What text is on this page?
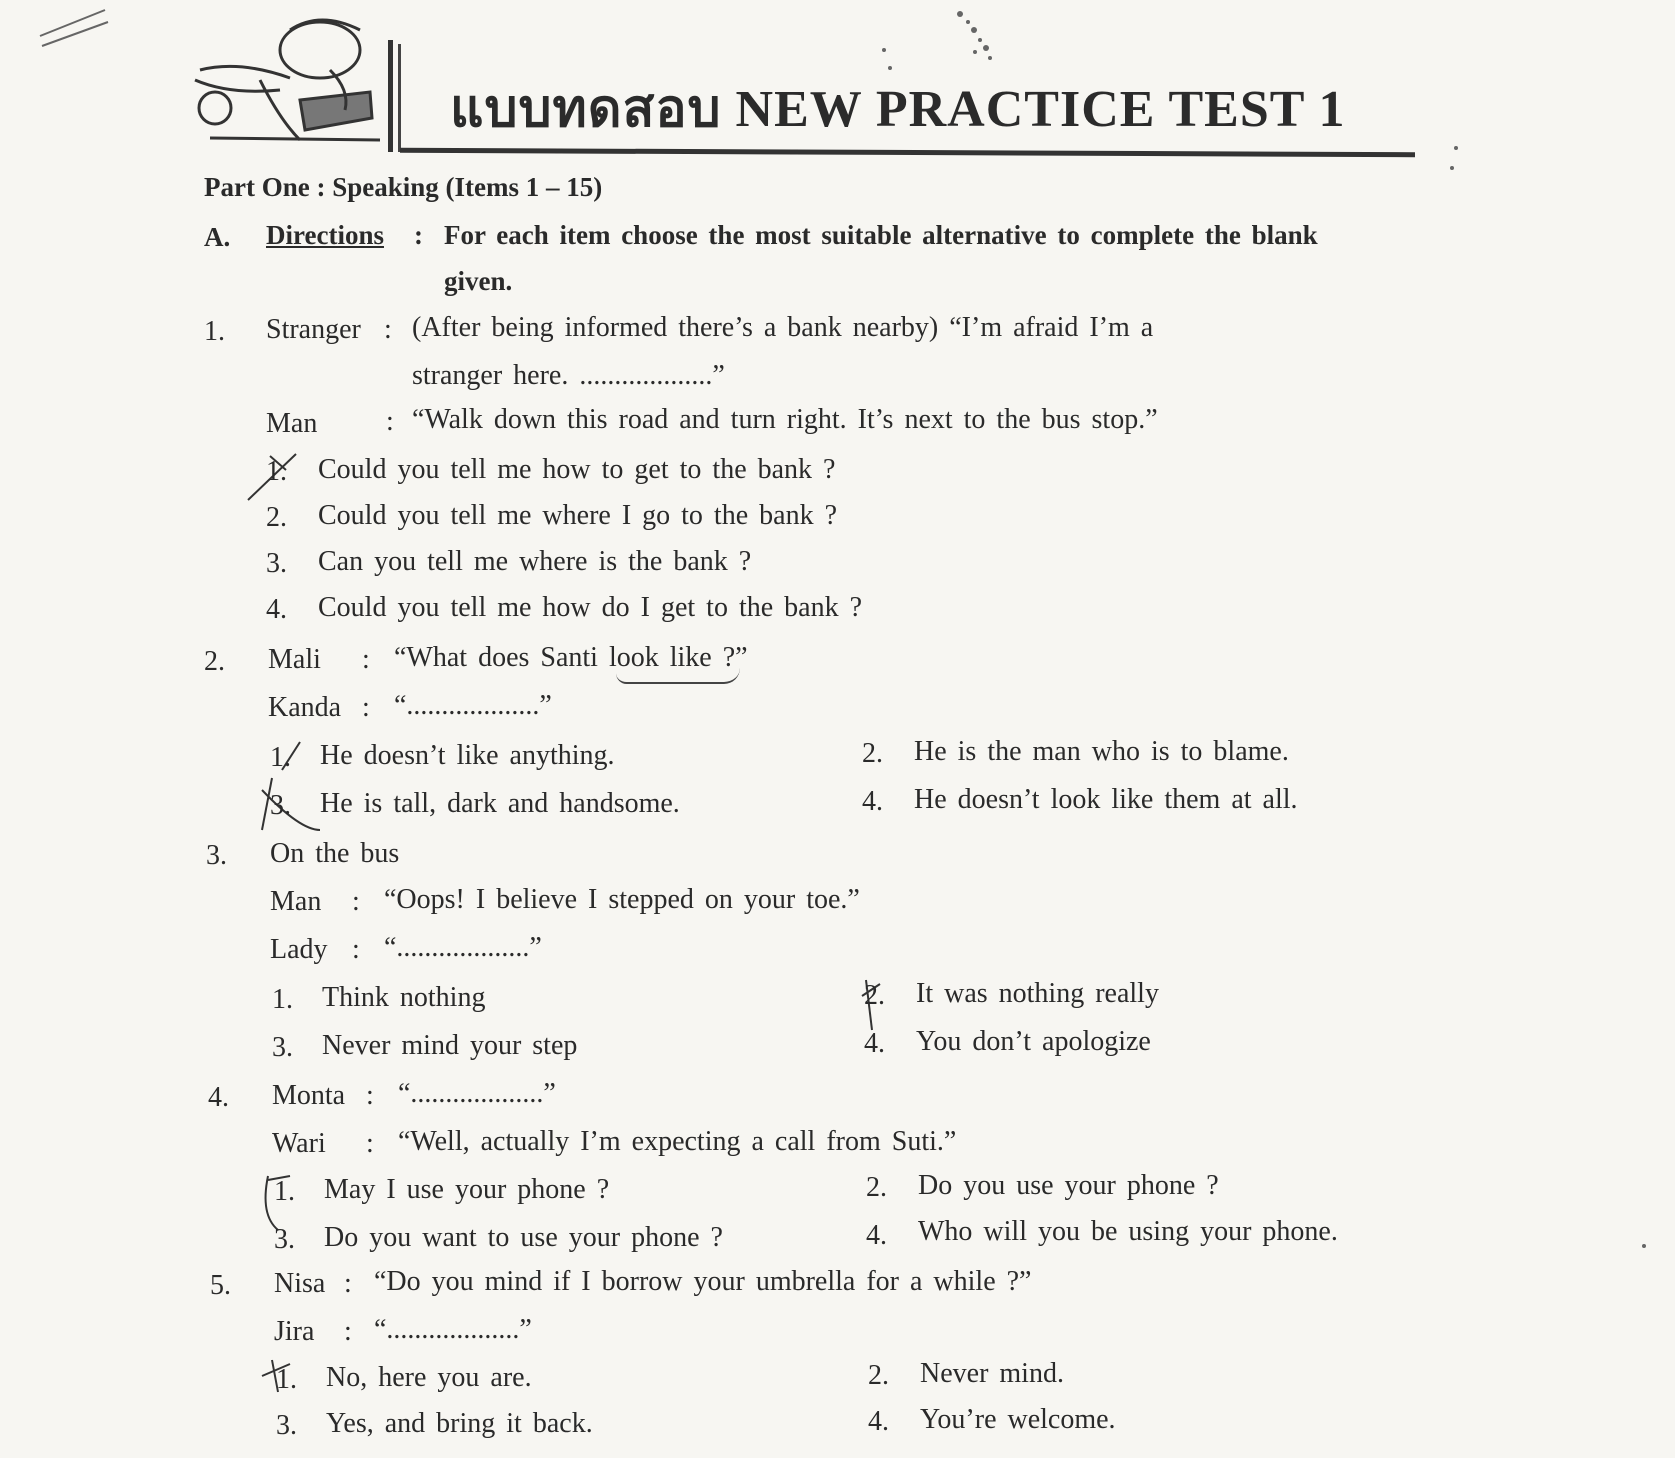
แบบทดสอบ NEW PRACTICE TEST 1
Part One : Speaking (Items 1 – 15)
A. Directions : For each item choose the most suitable alternative to complete the blank
given.
1. Stranger : (After being informed there’s a bank nearby) “I’m afraid I’m a
stranger here. ...................”
Man : “Walk down this road and turn right. It’s next to the bus stop.”
1. Could you tell me how to get to the bank ?
2. Could you tell me where I go to the bank ?
3. Can you tell me where is the bank ?
4. Could you tell me how do I get to the bank ?
2. Mali : “What does Santi look like ?”
Kanda : “...................”
1. He doesn’t like anything.	2. He is the man who is to blame.
3. He is tall, dark and handsome.	4. He doesn’t look like them at all.
3. On the bus
Man : “Oops! I believe I stepped on your toe.”
Lady : “...................”
1. Think nothing	2. It was nothing really
3. Never mind your step	4. You don’t apologize
4. Monta : “...................”
Wari : “Well, actually I’m expecting a call from Suti.”
1. May I use your phone ?	2. Do you use your phone ?
3. Do you want to use your phone ?	4. Who will you be using your phone.
5. Nisa : “Do you mind if I borrow your umbrella for a while ?”
Jira : “...................”
1. No, here you are.	2. Never mind.
3. Yes, and bring it back.	4. You’re welcome.
